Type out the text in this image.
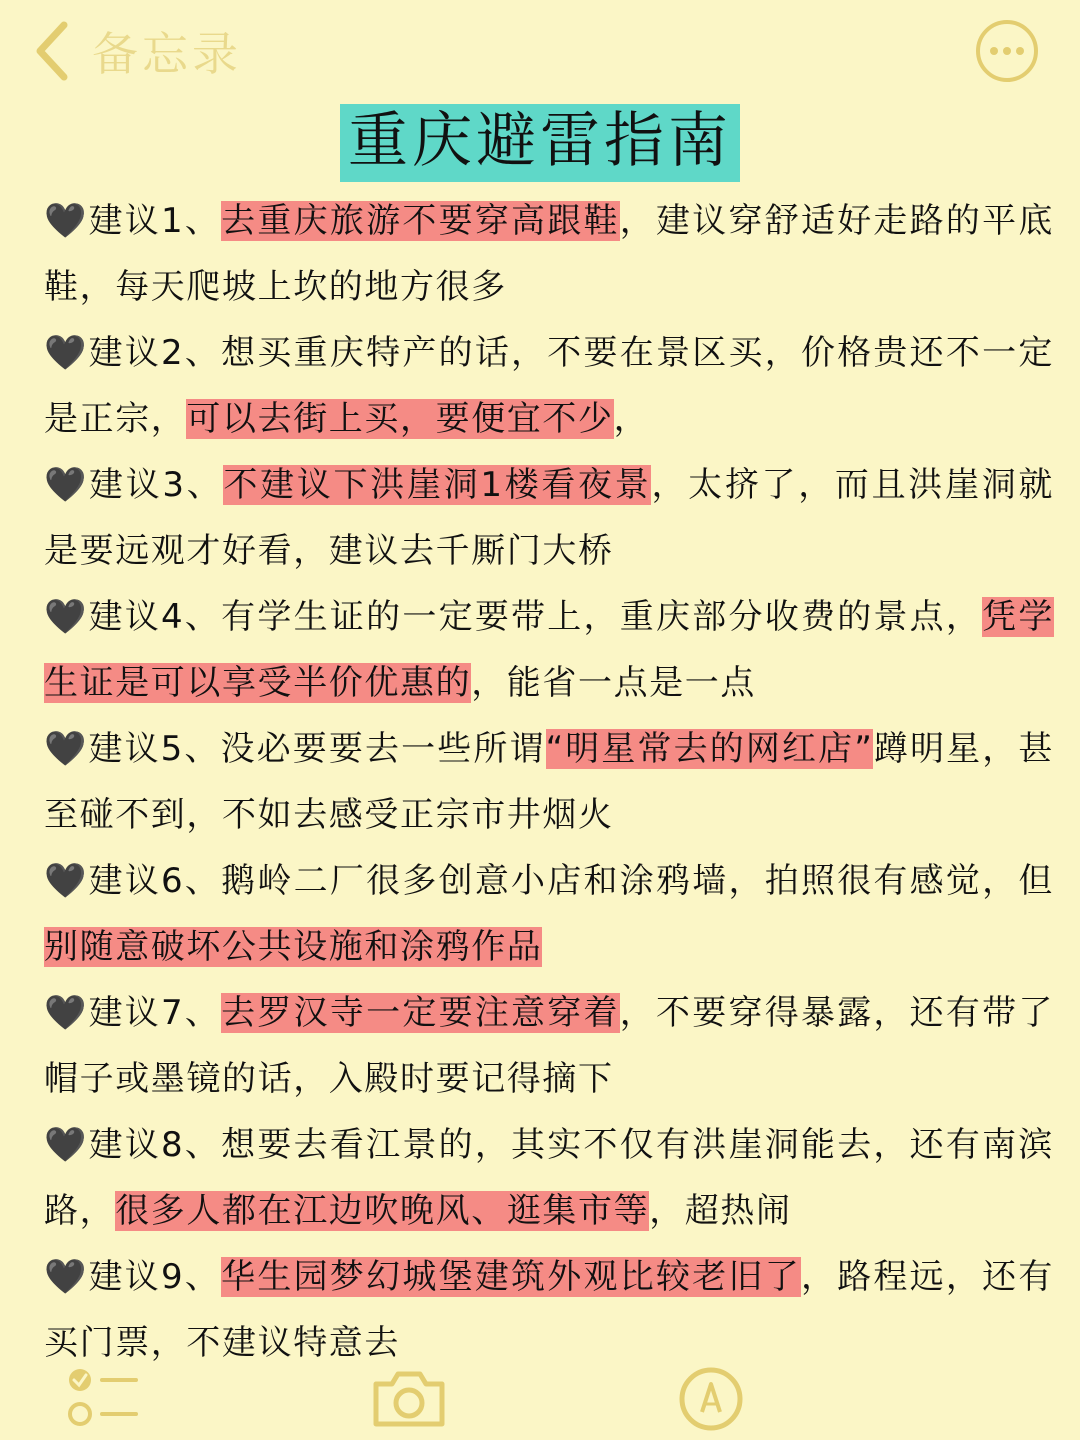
备忘录
重庆避雷指南

🖤建议1、去重庆旅游不要穿高跟鞋，建议穿舒适好走路的平底鞋，每天爬坡上坎的地方很多

🖤建议2、想买重庆特产的话，不要在景区买，价格贵还不一定是正宗，可以去街上买，要便宜不少，

🖤建议3、不建议下洪崖洞1楼看夜景，太挤了，而且洪崖洞就是要远观才好看，建议去千厮门大桥

🖤建议4、有学生证的一定要带上，重庆部分收费的景点，凭学生证是可以享受半价优惠的，能省一点是一点

🖤建议5、没必要要去一些所谓“明星常去的网红店”蹲明星，甚至碰不到，不如去感受正宗市井烟火

🖤建议6、鹅岭二厂很多创意小店和涂鸦墙，拍照很有感觉，但别随意破坏公共设施和涂鸦作品

🖤建议7、去罗汉寺一定要注意穿着，不要穿得暴露，还有带了帽子或墨镜的话，入殿时要记得摘下

🖤建议8、想要去看江景的，其实不仅有洪崖洞能去，还有南滨路，很多人都在江边吹晚风、逛集市等，超热闹

🖤建议9、华生园梦幻城堡建筑外观比较老旧了，路程远，还有买门票，不建议特意去
